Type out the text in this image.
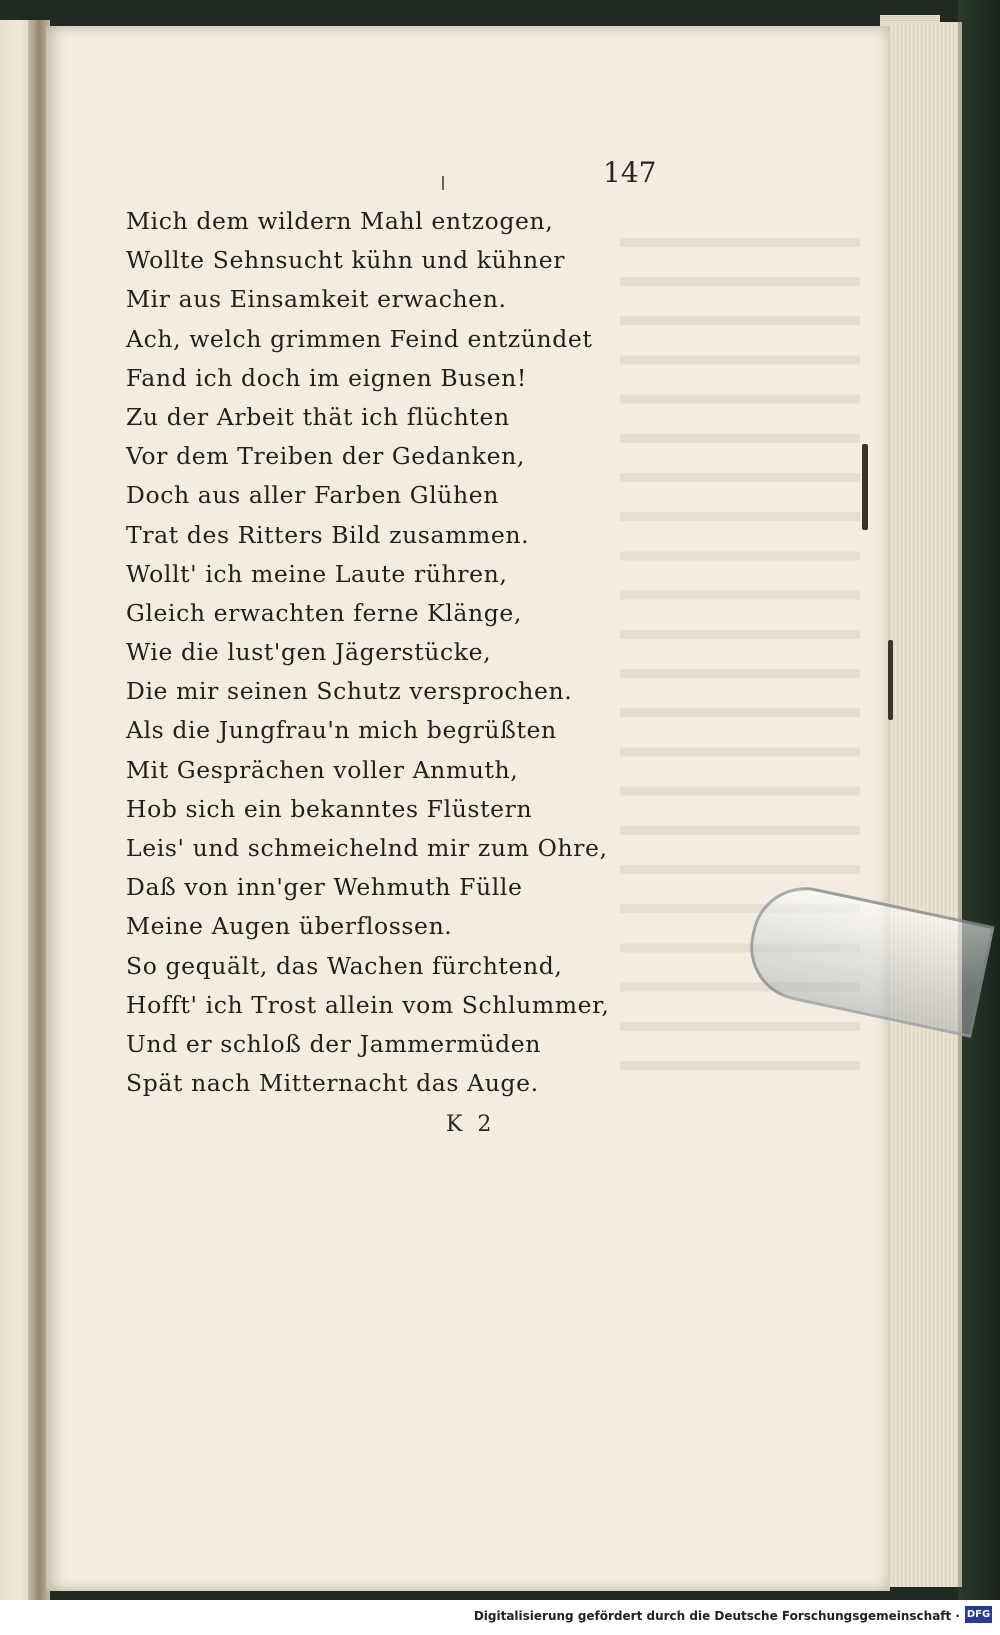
147
Mich dem wildern Mahl entzogen,
Wollte Sehnsucht kühn und kühner
Mir aus Einsamkeit erwachen.
Ach, welch grimmen Feind entzündet
Fand ich doch im eignen Busen!
Zu der Arbeit thät ich flüchten
Vor dem Treiben der Gedanken,
Doch aus aller Farben Glühen
Trat des Ritters Bild zusammen.
Wollt' ich meine Laute rühren,
Gleich erwachten ferne Klänge,
Wie die lust'gen Jägerstücke,
Die mir seinen Schutz versprochen.
Als die Jungfrau'n mich begrüßten
Mit Gesprächen voller Anmuth,
Hob sich ein bekanntes Flüstern
Leis' und schmeichelnd mir zum Ohre,
Daß von inn'ger Wehmuth Fülle
Meine Augen überflossen.
So gequält, das Wachen fürchtend,
Hofft' ich Trost allein vom Schlummer,
Und er schloß der Jammermüden
Spät nach Mitternacht das Auge.
K 2
Digitalisierung gefördert durch die Deutsche Forschungsgemeinschaft · DFG
